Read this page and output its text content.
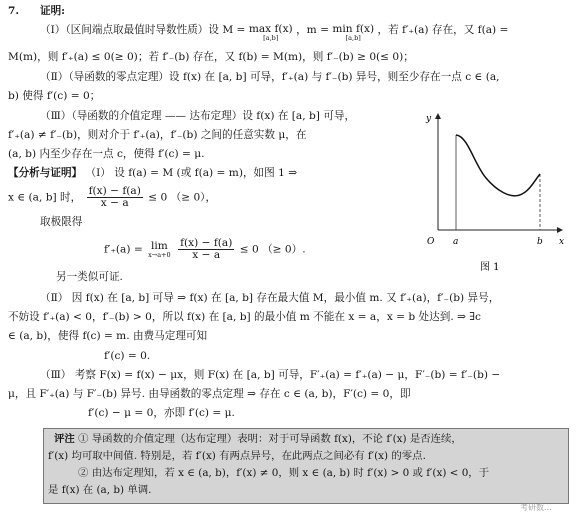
7. 证明:
（Ⅰ）（区间端点取最值时导数性质）设 M = max f(x)
[a,b]
，m = min f(x)
[a,b]
，若 f′₊(a) 存在，又 f(a) =
M(m)，则 f′₊(a) ≤ 0(≥ 0)；若 f′₋(b) 存在，又 f(b) = M(m)，则 f′₋(b) ≥ 0(≤ 0)；
（Ⅱ）（导函数的零点定理）设 f(x) 在 [a, b] 可导，f′₊(a) 与 f′₋(b) 异号，则至少存在一点 c ∈ (a,
b) 使得 f′(c) = 0；
（Ⅲ）（导函数的介值定理 —— 达布定理）设 f(x) 在 [a, b] 可导，
f′₊(a) ≠ f′₋(b)，则对介于 f′₊(a)，f′₋(b) 之间的任意实数 μ，在
(a, b) 内至少存在一点 c，使得 f′(c) = μ.
【分析与证明】 （Ⅰ） 设 f(a) = M (或 f(a) = m)，如图 1 ⇒
x ∈ (a, b] 时， $\frac{f(x) - f(a)}{x - a} \le 0$ （≥ 0），
取极限得
f′₊(a) = lim
x→a+0
$\frac{f(x) - f(a)}{x - a} \le 0$ （≥ 0）.
另一类似可证.
（Ⅱ） 因 f(x) 在 [a, b] 可导 ⇒ f(x) 在 [a, b] 存在最大值 M，最小值 m. 又 f′₊(a)，f′₋(b) 异号，
不妨设 f′₊(a) < 0，f′₋(b) > 0，所以 f(x) 在 [a, b] 的最小值 m 不能在 x = a，x = b 处达到. ⇒ ∃c
∈ (a, b)，使得 f(c) = m. 由费马定理可知
f′(c) = 0.
（Ⅲ） 考察 F(x) = f(x) − μx，则 F(x) 在 [a, b] 可导，F′₊(a) = f′₊(a) − μ，F′₋(b) = f′₋(b) −
μ，且 F′₊(a) 与 F′₋(b) 异号. 由导函数的零点定理 ⇒ 存在 c ∈ (a, b)，F′(c) = 0，即
f′(c) − μ = 0，亦即 f′(c) = μ.
评注 ① 导函数的介值定理（达布定理）表明：对于可导函数 f(x)，不论 f′(x) 是否连续，
f′(x) 均可取中间值. 特别是，若 f′(x) 有两点异号，在此两点之间必有 f′(x) 的零点.
② 由达布定理知，若 x ∈ (a, b)，f′(x) ≠ 0，则 x ∈ (a, b) 时 f′(x) > 0 或 f′(x) < 0，于
是 f(x) 在 (a, b) 单调.
y
x
O a	b
图 1
考研数...
